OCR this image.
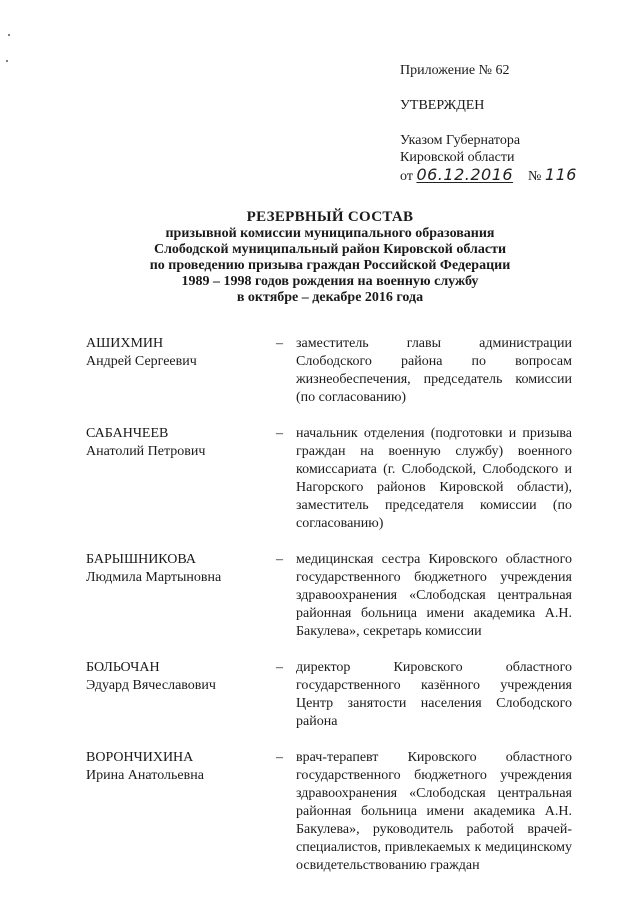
Приложение № 62
УТВЕРЖДЕН
Указом Губернатора
Кировской области
от 06.12.2016 № 116
РЕЗЕРВНЫЙ СОСТАВ
призывной комиссии муниципального образования
Слободской муниципальный район Кировской области
по проведению призыва граждан Российской Федерации
1989 – 1998 годов рождения на военную службу
в октябре – декабре 2016 года
АШИХМИН
Андрей Сергеевич
– заместитель главы администрации Слободского района по вопросам жизнеобеспечения, председатель комиссии (по согласованию)
САБАНЧЕЕВ
Анатолий Петрович
– начальник отделения (подготовки и призыва граждан на военную службу) военного комиссариата (г. Слободской, Слободского и Нагорского районов Кировской области), заместитель председателя комиссии (по согласованию)
БАРЫШНИКОВА
Людмила Мартыновна
– медицинская сестра Кировского областного государственного бюджетного учреждения здравоохранения «Слободская центральная районная больница имени академика А.Н. Бакулева», секретарь комиссии
БОЛЬОЧАН
Эдуард Вячеславович
– директор Кировского областного государственного казённого учреждения Центр занятости населения Слободского района
ВОРОНЧИХИНА
Ирина Анатольевна
– врач-терапевт Кировского областного государственного бюджетного учреждения здравоохранения «Слободская центральная районная больница имени академика А.Н. Бакулева», руководитель работой врачей-специалистов, привлекаемых к медицинскому освидетельствованию граждан
